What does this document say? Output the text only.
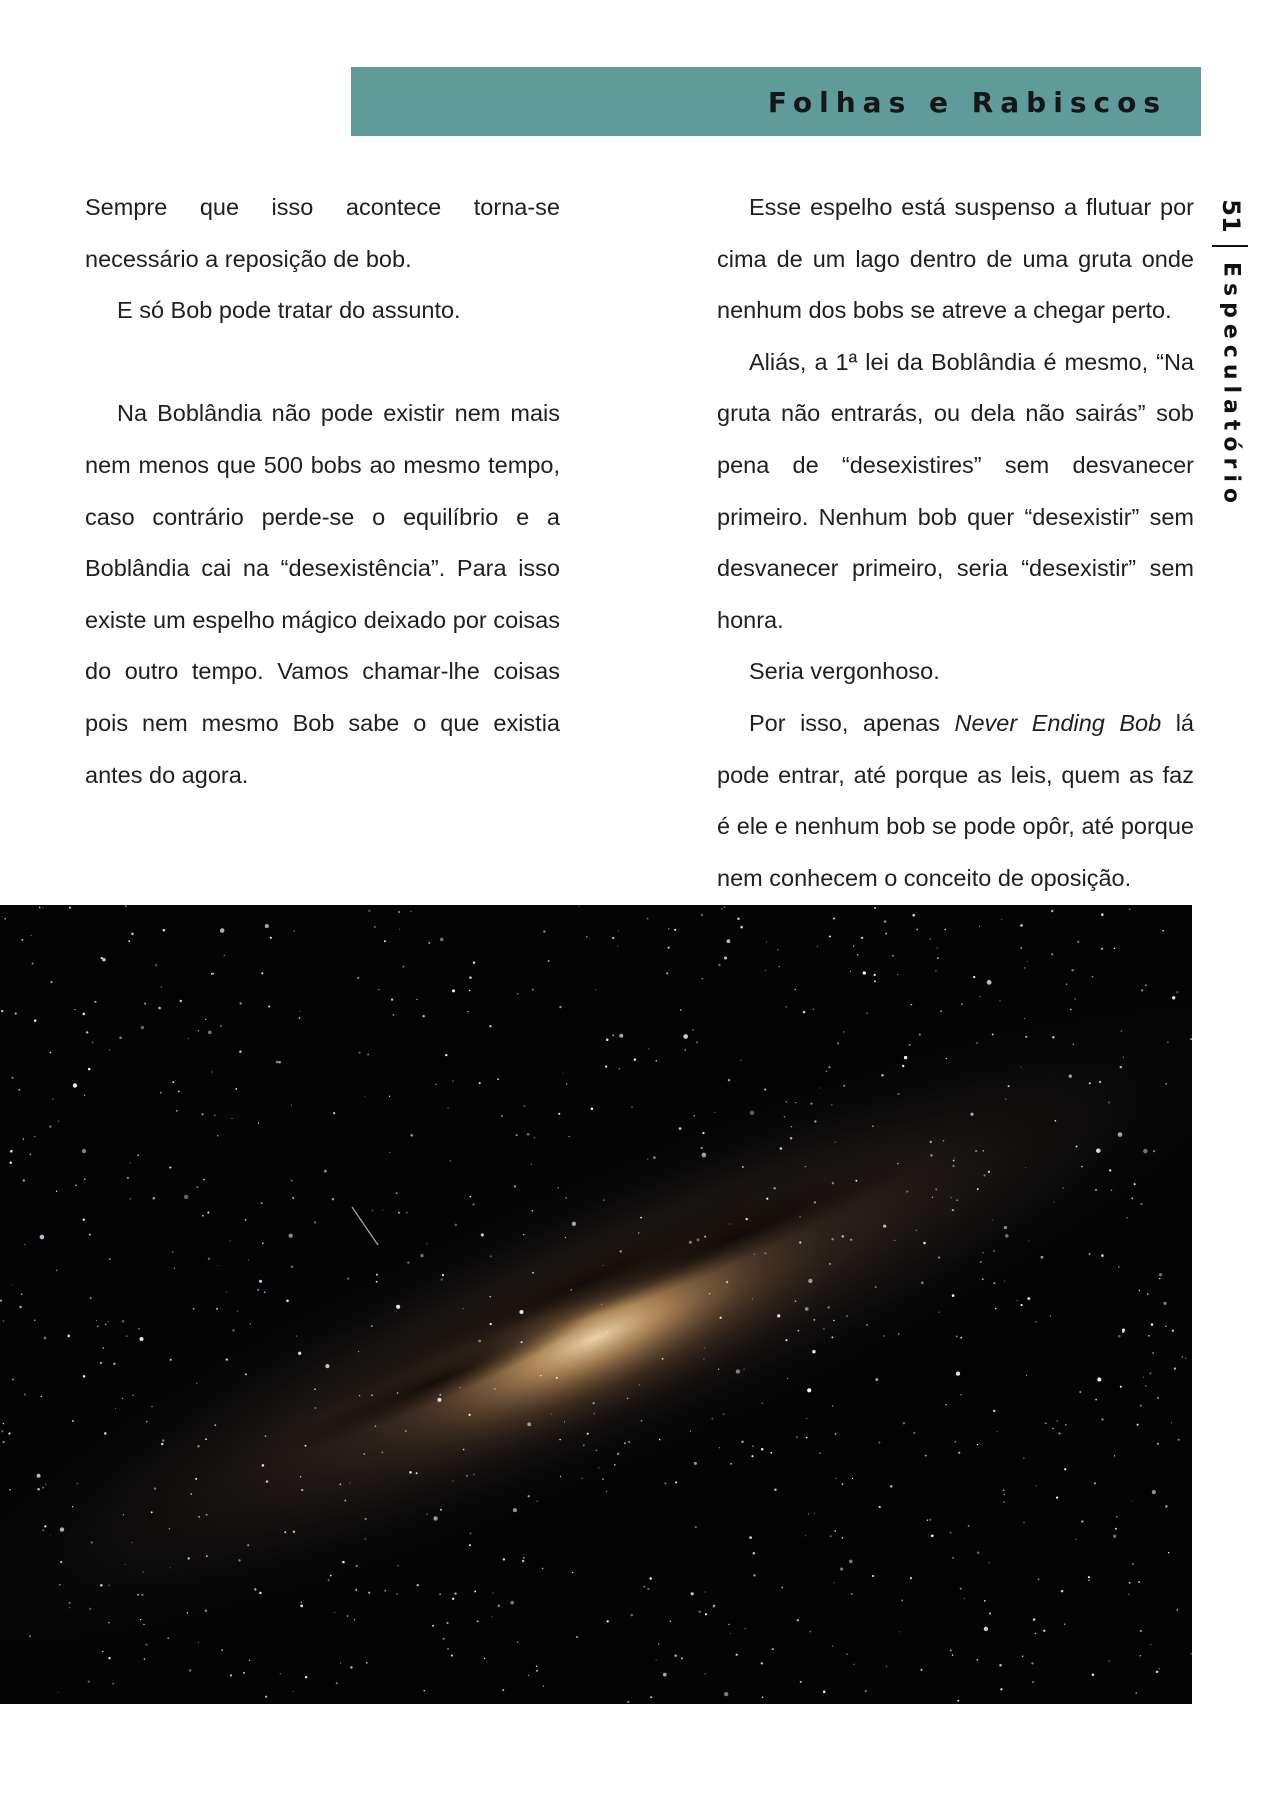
Folhas e Rabiscos
51
Especulatório

Sempre que isso acontece torna-se necessário a reposição de bob.

E só Bob pode tratar do assunto.

Na Boblândia não pode existir nem mais nem menos que 500 bobs ao mesmo tempo, caso contrário perde-se o equilíbrio e a Boblândia cai na “desexistência”. Para isso existe um espelho mágico deixado por coisas do outro tempo. Vamos chamar-lhe coisas pois nem mesmo Bob sabe o que existia antes do agora.

Esse espelho está suspenso a flutuar por cima de um lago dentro de uma gruta onde nenhum dos bobs se atreve a chegar perto.

Aliás, a 1ª lei da Boblândia é mesmo, “Na gruta não entrarás, ou dela não sairás” sob pena de “desexistires” sem desvanecer primeiro. Nenhum bob quer “desexistir” sem desvanecer primeiro, seria “desexistir” sem honra.

Seria vergonhoso.

Por isso, apenas Never Ending Bob lá pode entrar, até porque as leis, quem as faz é ele e nenhum bob se pode opôr, até porque nem conhecem o conceito de oposição.
